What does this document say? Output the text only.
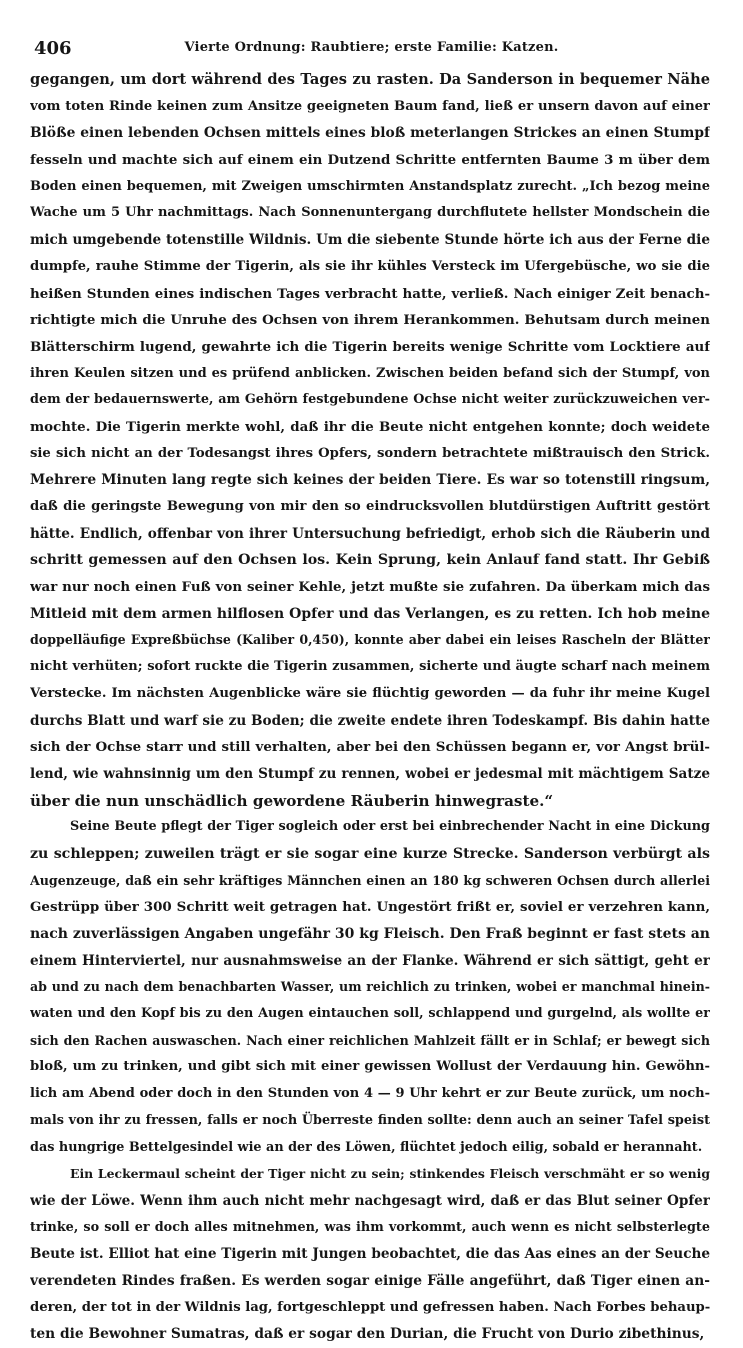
406	Vierte Ordnung: Raubtiere; erste Familie: Katzen.
gegangen, um dort während des Tages zu rasten. Da Sanderson in bequemer Nähe
vom toten Rinde keinen zum Ansitze geeigneten Baum fand, ließ er unsern davon auf einer
Blöße einen lebenden Ochsen mittels eines bloß meterlangen Strickes an einen Stumpf
fesseln und machte sich auf einem ein Dutzend Schritte entfernten Baume 3 m über dem
Boden einen bequemen, mit Zweigen umschirmten Anstandsplatz zurecht. „Ich bezog meine
Wache um 5 Uhr nachmittags. Nach Sonnenuntergang durchflutete hellster Mondschein die
mich umgebende totenstille Wildnis. Um die siebente Stunde hörte ich aus der Ferne die
dumpfe, rauhe Stimme der Tigerin, als sie ihr kühles Versteck im Ufergebüsche, wo sie die
heißen Stunden eines indischen Tages verbracht hatte, verließ. Nach einiger Zeit benach-
richtigte mich die Unruhe des Ochsen von ihrem Herankommen. Behutsam durch meinen
Blätterschirm lugend, gewahrte ich die Tigerin bereits wenige Schritte vom Locktiere auf
ihren Keulen sitzen und es prüfend anblicken. Zwischen beiden befand sich der Stumpf, von
dem der bedauernswerte, am Gehörn festgebundene Ochse nicht weiter zurückzuweichen ver-
mochte. Die Tigerin merkte wohl, daß ihr die Beute nicht entgehen konnte; doch weidete
sie sich nicht an der Todesangst ihres Opfers, sondern betrachtete mißtrauisch den Strick.
Mehrere Minuten lang regte sich keines der beiden Tiere. Es war so totenstill ringsum,
daß die geringste Bewegung von mir den so eindrucksvollen blutdürstigen Auftritt gestört
hätte. Endlich, offenbar von ihrer Untersuchung befriedigt, erhob sich die Räuberin und
schritt gemessen auf den Ochsen los. Kein Sprung, kein Anlauf fand statt. Ihr Gebiß
war nur noch einen Fuß von seiner Kehle, jetzt mußte sie zufahren. Da überkam mich das
Mitleid mit dem armen hilflosen Opfer und das Verlangen, es zu retten. Ich hob meine
doppelläufige Expreßbüchse (Kaliber 0,450), konnte aber dabei ein leises Rascheln der Blätter
nicht verhüten; sofort ruckte die Tigerin zusammen, sicherte und äugte scharf nach meinem
Verstecke. Im nächsten Augenblicke wäre sie flüchtig geworden — da fuhr ihr meine Kugel
durchs Blatt und warf sie zu Boden; die zweite endete ihren Todeskampf. Bis dahin hatte
sich der Ochse starr und still verhalten, aber bei den Schüssen begann er, vor Angst brül-
lend, wie wahnsinnig um den Stumpf zu rennen, wobei er jedesmal mit mächtigem Satze
über die nun unschädlich gewordene Räuberin hinwegraste.“
Seine Beute pflegt der Tiger sogleich oder erst bei einbrechender Nacht in eine Dickung
zu schleppen; zuweilen trägt er sie sogar eine kurze Strecke. Sanderson verbürgt als
Augenzeuge, daß ein sehr kräftiges Männchen einen an 180 kg schweren Ochsen durch allerlei
Gestrüpp über 300 Schritt weit getragen hat. Ungestört frißt er, soviel er verzehren kann,
nach zuverlässigen Angaben ungefähr 30 kg Fleisch. Den Fraß beginnt er fast stets an
einem Hinterviertel, nur ausnahmsweise an der Flanke. Während er sich sättigt, geht er
ab und zu nach dem benachbarten Wasser, um reichlich zu trinken, wobei er manchmal hinein-
waten und den Kopf bis zu den Augen eintauchen soll, schlappend und gurgelnd, als wollte er
sich den Rachen auswaschen. Nach einer reichlichen Mahlzeit fällt er in Schlaf; er bewegt sich
bloß, um zu trinken, und gibt sich mit einer gewissen Wollust der Verdauung hin. Gewöhn-
lich am Abend oder doch in den Stunden von 4 — 9 Uhr kehrt er zur Beute zurück, um noch-
mals von ihr zu fressen, falls er noch Überreste finden sollte: denn auch an seiner Tafel speist
das hungrige Bettelgesindel wie an der des Löwen, flüchtet jedoch eilig, sobald er herannaht.
Ein Leckermaul scheint der Tiger nicht zu sein; stinkendes Fleisch verschmäht er so wenig
wie der Löwe. Wenn ihm auch nicht mehr nachgesagt wird, daß er das Blut seiner Opfer
trinke, so soll er doch alles mitnehmen, was ihm vorkommt, auch wenn es nicht selbsterlegte
Beute ist. Elliot hat eine Tigerin mit Jungen beobachtet, die das Aas eines an der Seuche
verendeten Rindes fraßen. Es werden sogar einige Fälle angeführt, daß Tiger einen an-
deren, der tot in der Wildnis lag, fortgeschleppt und gefressen haben. Nach Forbes behaup-
ten die Bewohner Sumatras, daß er sogar den Durian, die Frucht von Durio zibethinus,
